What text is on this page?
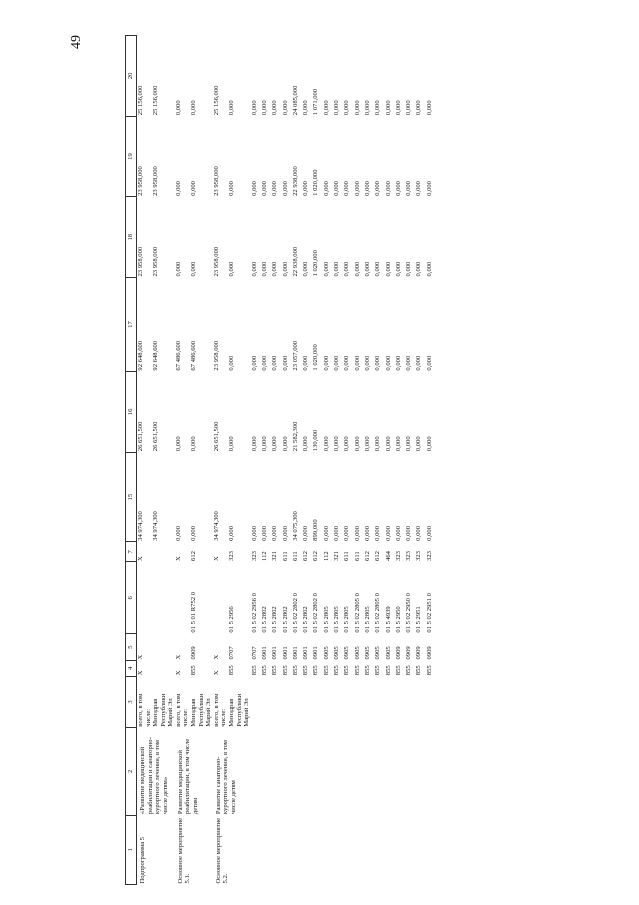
49
1	2	3	4	5	6	7	15	16	17	18	19	20
Подпрограмма 5	«Развитие медицинской реабилитации и санаторно-курортного лечения, в том числе детям»	всего, в том числе:	Х	Х		Х	34 974,300	26 651,500	92 648,600	23 958,000	23 958,000	25 156,000
		Минздрав Республики Марий Эл					34 974,300	26 651,500	92 648,600	23 958,000	23 958,000	25 156,000
Основное мероприятие 5.1.	Развитие медицинской реабилитации, в том числе детям	всего, в том числе:	Х	Х		Х	0,000	0,000	67 486,600	0,000	0,000	0,000
		Минздрав Республики Марий Эл	855	0909	01 5 01 R752 0	612	0,000	0,000	67 486,600	0,000	0,000	0,000
Основное мероприятие 5.2.	Развитие санаторно-курортного лечения, в том числе детям	всего, в том числе:	Х	Х		Х	34 974,300	26 651,500	23 958,000	23 958,000	23 958,000	25 156,000
		Минздрав Республики Марий Эл	855	0707	01 5 2956	323	0,000	0,000	0,000	0,000	0,000	0,000
			855	0707	01 5 02 2956 0	323	0,000	0,000	0,000	0,000	0,000	0,000
			855	0901	01 5 2802	112	0,000	0,000	0,000	0,000	0,000	0,000
			855	0901	01 5 2802	321	0,000	0,000	0,000	0,000	0,000	0,000
			855	0901	01 5 2802	611	0,000	0,000	0,000	0,000	0,000	0,000
			855	0901	01 5 02 2802 0	611	34 075,300	21 582,300	23 057,000	22 938,000	22 938,000	24 085,000
			855	0901	01 5 2802	612	0,000	0,000	0,000	0,000	0,000	0,000
			855	0901	01 5 02 2802 0	612	899,000	130,000	1 020,000	1 020,000	1 020,000	1 071,000
			855	0905	01 5 2805	112	0,000	0,000	0,000	0,000	0,000	0,000
			855	0905	01 5 2805	321	0,000	0,000	0,000	0,000	0,000	0,000
			855	0905	01 5 2805	611	0,000	0,000	0,000	0,000	0,000	0,000
			855	0905	01 5 02 2805 0	611	0,000	0,000	0,000	0,000	0,000	0,000
			855	0905	01 5 2805	612	0,000	0,000	0,000	0,000	0,000	0,000
			855	0905	01 5 02 2805 0	612	0,000	0,000	0,000	0,000	0,000	0,000
			855	0905	01 5 4939	464	0,000	0,000	0,000	0,000	0,000	0,000
			855	0909	01 5 2950	323	0,000	0,000	0,000	0,000	0,000	0,000
			855	0909	01 5 02 2950 0	323	0,000	0,000	0,000	0,000	0,000	0,000
			855	0909	01 5 2951	323	0,000	0,000	0,000	0,000	0,000	0,000
			855	0909	01 5 02 2951 0	323	0,000	0,000	0,000	0,000	0,000	0,000
